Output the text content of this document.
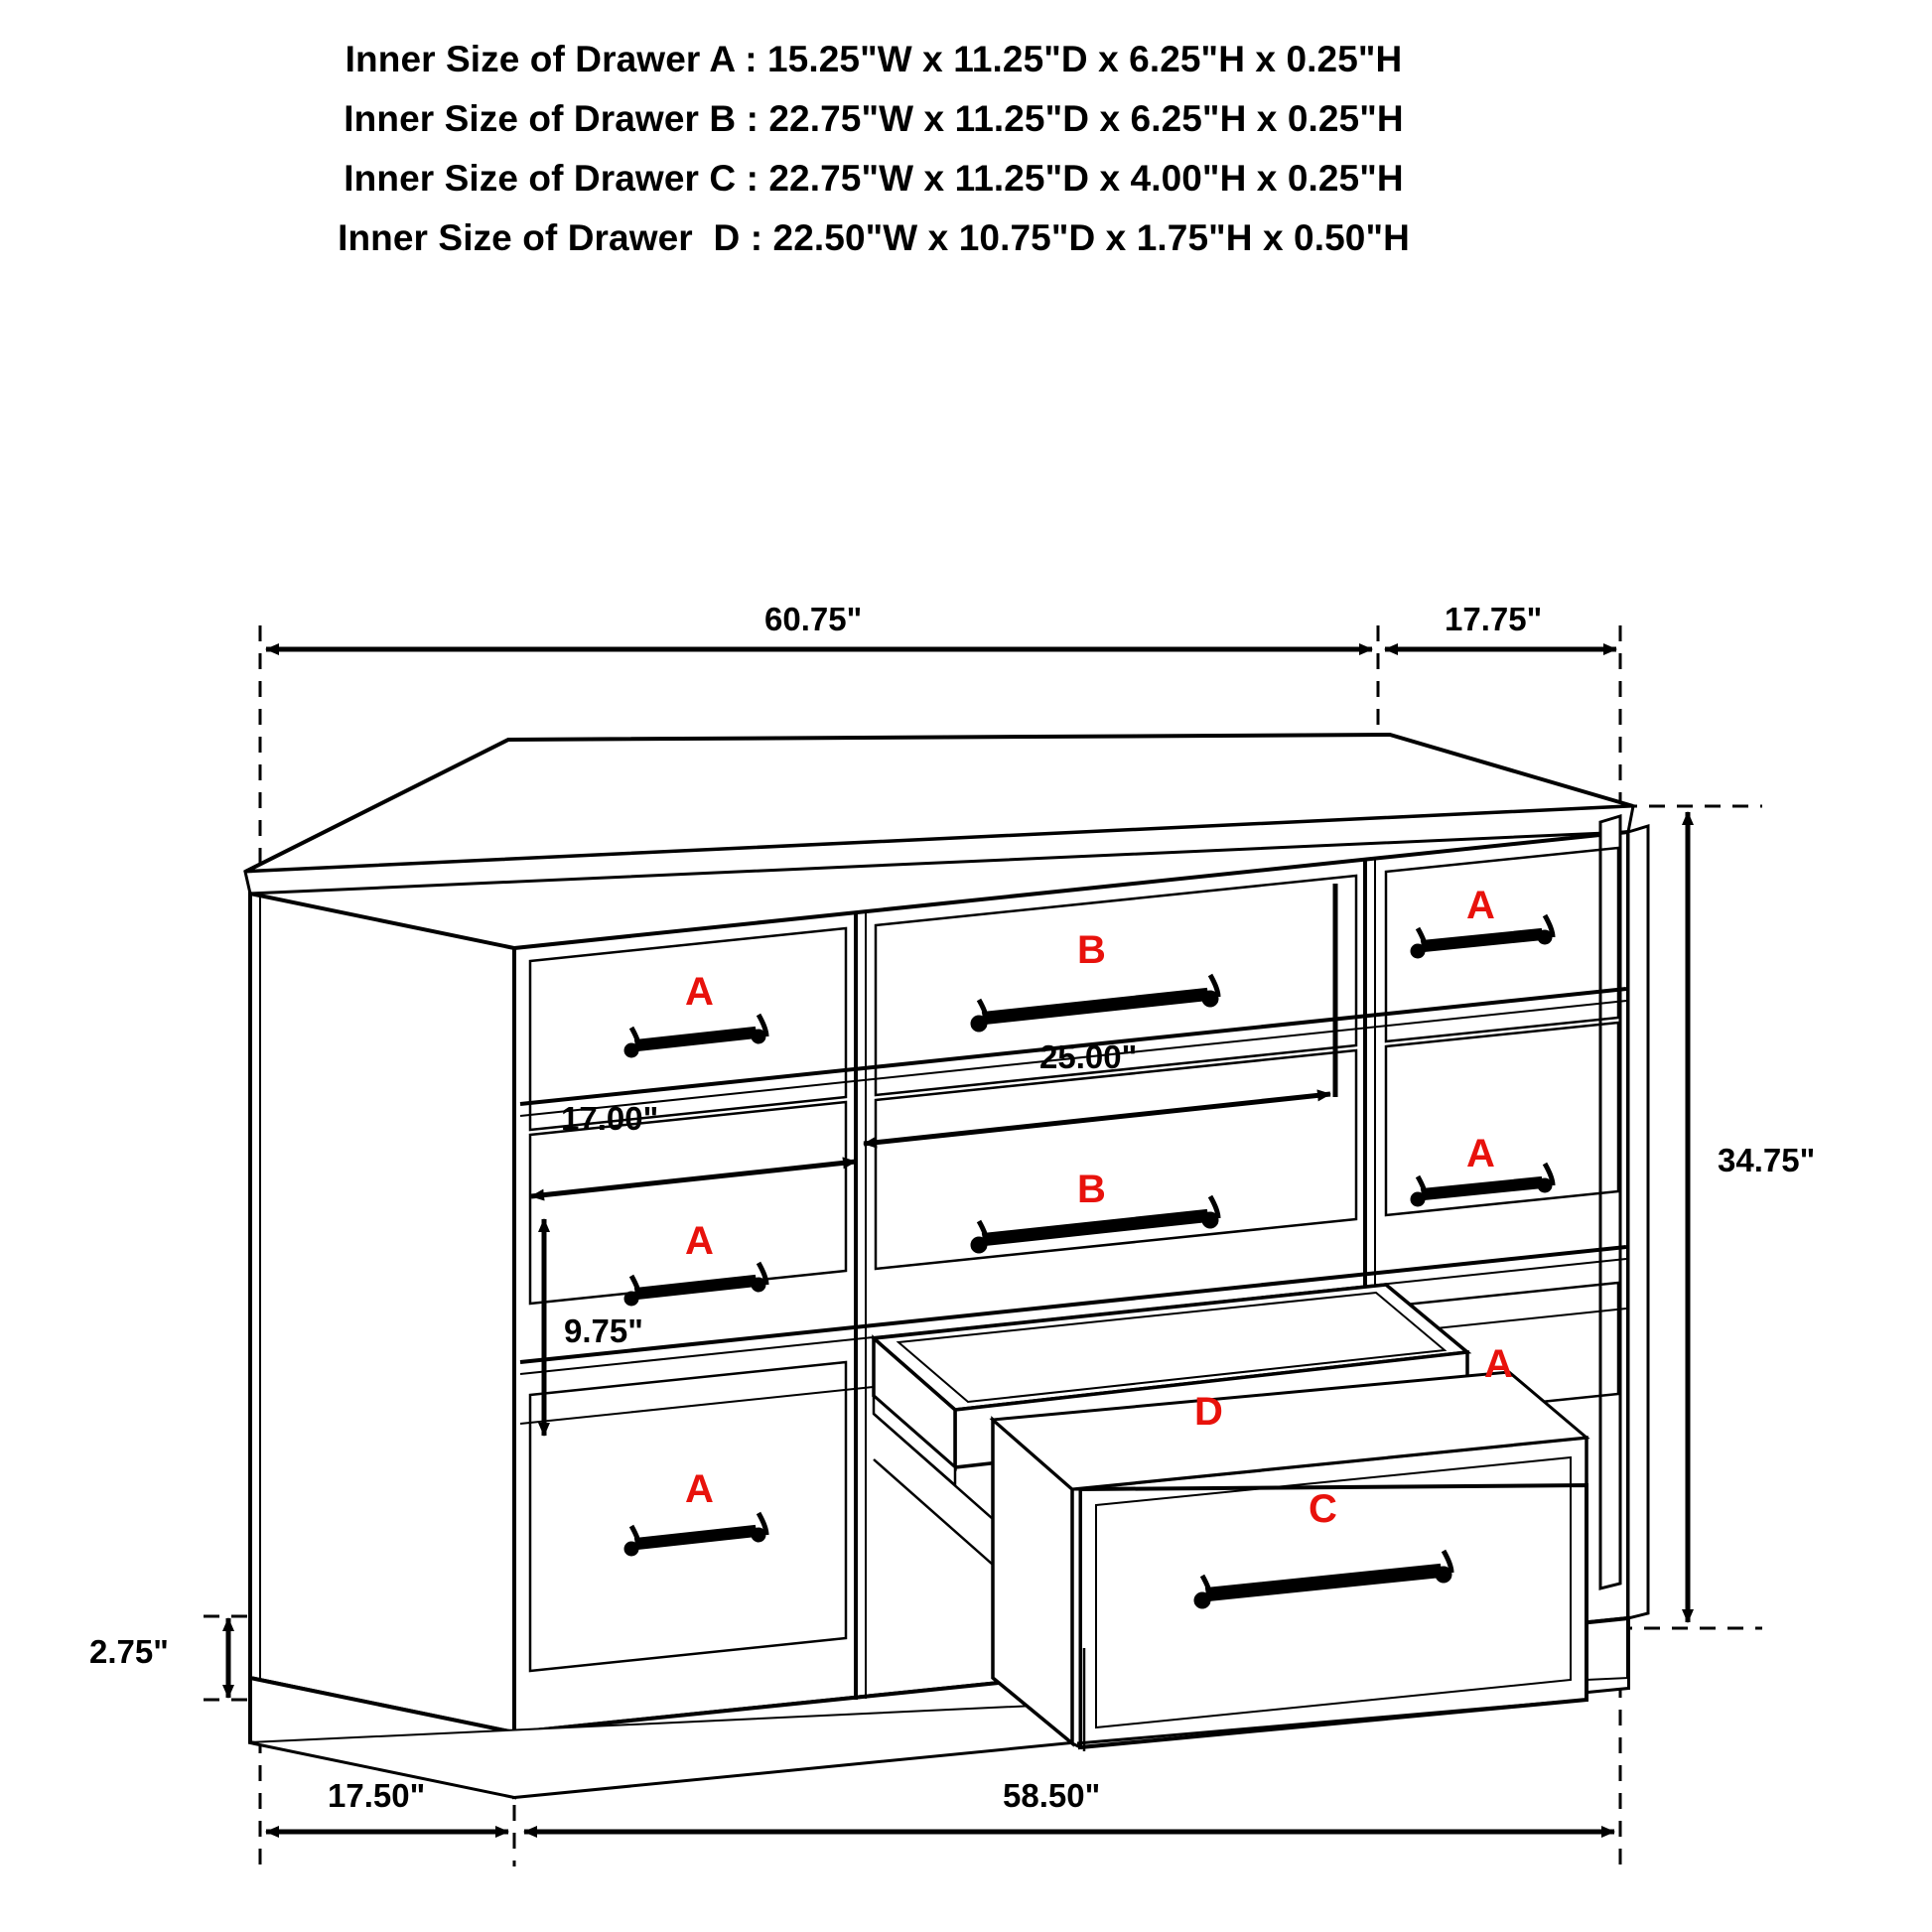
Inner Size of Drawer A : 15.25"W x 11.25"D x 6.25"H x 0.25"H
Inner Size of Drawer B : 22.75"W x 11.25"D x 6.25"H x 0.25"H
Inner Size of Drawer C : 22.75"W x 11.25"D x 4.00"H x 0.25"H
Inner Size of Drawer  D : 22.50"W x 10.75"D x 1.75"H x 0.50"H
60.75"	17.75"
34.75"
25.00"
17.00"
9.75"
2.75"
17.50"	58.50"
A
B
A
A
B
A
A
A
D
C
